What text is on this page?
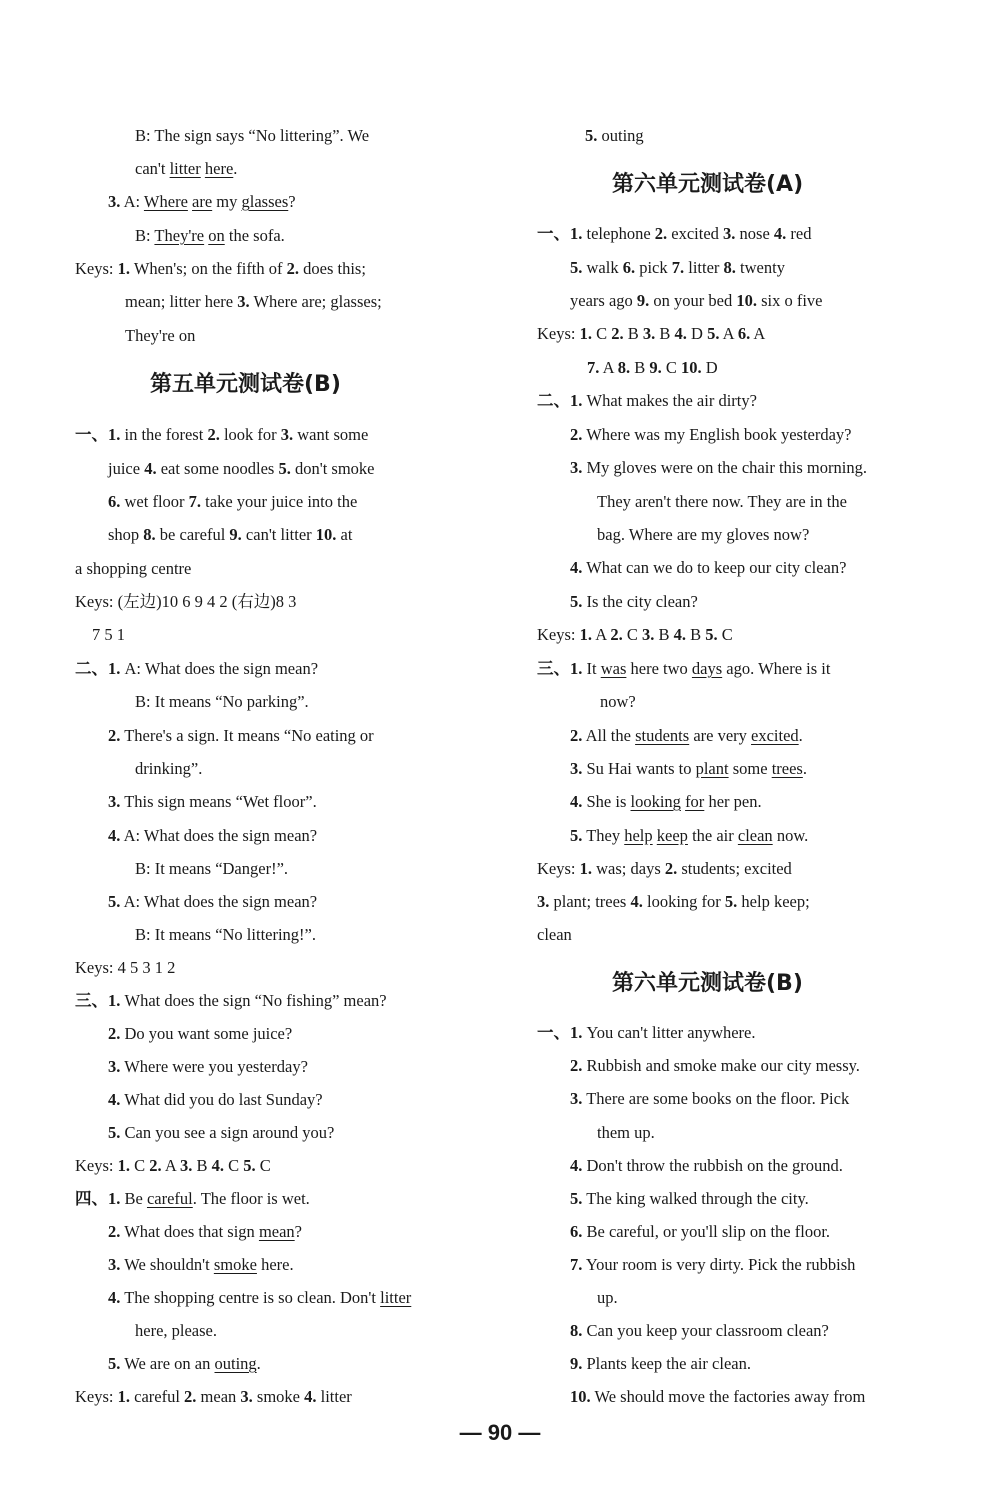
第五单元测试卷(B)
第六单元测试卷(A)
第六单元测试卷(B)
— 90 —
B: The sign says “No littering”. We
can't litter here.
3. A: Where are my glasses?
B: They're on the sofa.
Keys: 1. When's; on the fifth of 2. does this;
mean; litter here 3. Where are; glasses;
They're on
a shopping centre
Keys: (左边)10 6 9 4 2 (右边)8 3
7 5 1
二、1. A: What does the sign mean?
B: It means “No parking”.
2. There's a sign. It means “No eating or
drinking”.
3. This sign means “Wet floor”.
4. A: What does the sign mean?
B: It means “Danger!”.
5. A: What does the sign mean?
B: It means “No littering!”.
Keys: 4 5 3 1 2
三、1. What does the sign “No fishing” mean?
2. Do you want some juice?
3. Where were you yesterday?
4. What did you do last Sunday?
5. Can you see a sign around you?
Keys: 1. C 2. A 3. B 4. C 5. C
四、1. Be careful. The floor is wet.
2. What does that sign mean?
3. We shouldn't smoke here.
4. The shopping centre is so clean. Don't litter
here, please.
5. We are on an outing.
Keys: 1. careful 2. mean 3. smoke 4. litter
一、1. in the forest 2. look for 3. want some
juice 4. eat some noodles 5. don't smoke
6. wet floor 7. take your juice into the
shop 8. be careful 9. can't litter 10. at
5. outing
一、1. telephone 2. excited 3. nose 4. red
5. walk 6. pick 7. litter 8. twenty
years ago 9. on your bed 10. six o five
Keys: 1. C 2. B 3. B 4. D 5. A 6. A
7. A 8. B 9. C 10. D
二、1. What makes the air dirty?
2. Where was my English book yesterday?
3. My gloves were on the chair this morning.
They aren't there now. They are in the
bag. Where are my gloves now?
4. What can we do to keep our city clean?
5. Is the city clean?
Keys: 1. A 2. C 3. B 4. B 5. C
三、1. It was here two days ago. Where is it
now?
2. All the students are very excited.
3. Su Hai wants to plant some trees.
4. She is looking for her pen.
5. They help keep the air clean now.
Keys: 1. was; days 2. students; excited
3. plant; trees 4. looking for 5. help keep;
clean
一、1. You can't litter anywhere.
2. Rubbish and smoke make our city messy.
3. There are some books on the floor. Pick
them up.
4. Don't throw the rubbish on the ground.
5. The king walked through the city.
6. Be careful, or you'll slip on the floor.
7. Your room is very dirty. Pick the rubbish
up.
8. Can you keep your classroom clean?
9. Plants keep the air clean.
10. We should move the factories away from
